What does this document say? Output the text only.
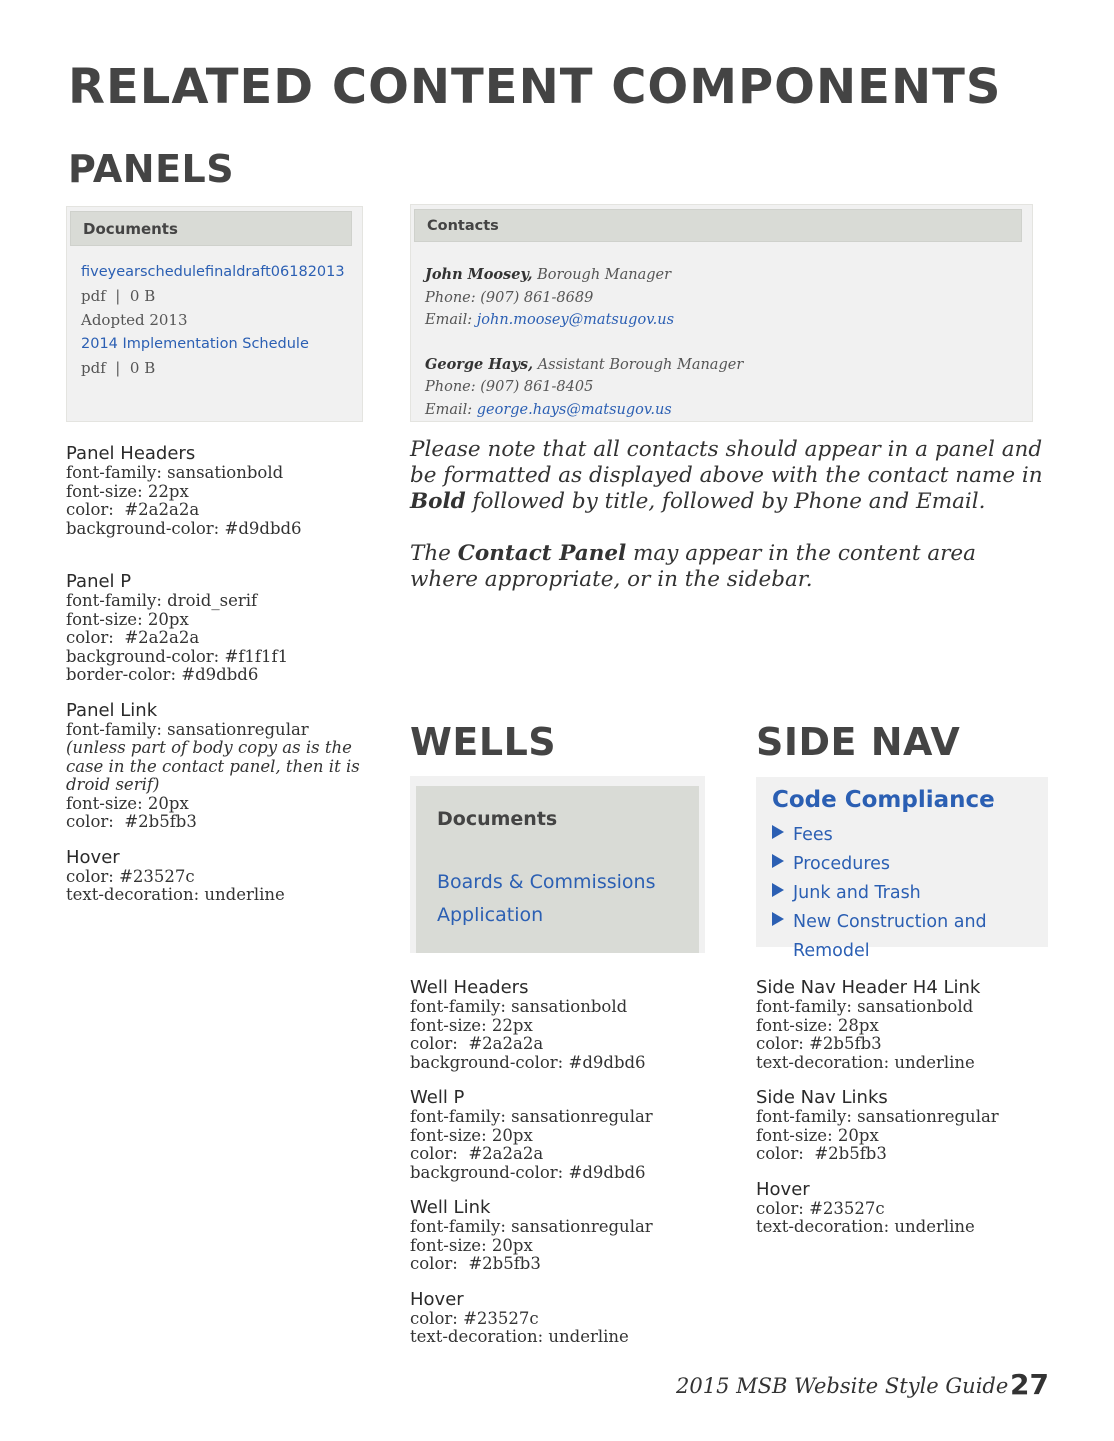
RELATED CONTENT COMPONENTS
PANELS
WELLS	SIDE NAV
Documents
fiveyearschedulefinaldraft06182013
pdf  |  0 B
Adopted 2013
2014 Implementation Schedule
pdf  |  0 B
Contacts
John Moosey, Borough Manager
Phone: (907) 861-8689
Email: john.moosey@matsugov.us
George Hays, Assistant Borough Manager
Phone: (907) 861-8405
Email: george.hays@matsugov.us
Please note that all contacts should appear in a panel and be formatted as displayed above with the contact name in Bold followed by title, followed by Phone and Email.
The Contact Panel may appear in the content area where appropriate, or in the sidebar.
Panel Headers
font-family: sansationbold
font-size: 22px
color:  #2a2a2a
background-color: #d9dbd6
Panel P
font-family: droid_serif
font-size: 20px
color:  #2a2a2a
background-color: #f1f1f1
border-color: #d9dbd6
Panel Link
font-family: sansationregular
(unless part of body copy as is the case in the contact panel, then it is droid serif)
font-size: 20px
color:  #2b5fb3
Hover
color: #23527c
text-decoration: underline
Documents
Boards & Commissions Application
Well Headers
font-family: sansationbold
font-size: 22px
color:  #2a2a2a
background-color: #d9dbd6
Well P
font-family: sansationregular
font-size: 20px
color:  #2a2a2a
background-color: #d9dbd6
Well Link
font-family: sansationregular
font-size: 20px
color:  #2b5fb3
Hover
color: #23527c
text-decoration: underline
Code Compliance
Fees
Procedures
Junk and Trash
New Construction and
Remodel
Side Nav Header H4 Link
font-family: sansationbold
font-size: 28px
color: #2b5fb3
text-decoration: underline
Side Nav Links
font-family: sansationregular
font-size: 20px
color:  #2b5fb3
Hover
color: #23527c
text-decoration: underline
2015 MSB Website Style Guide 27
